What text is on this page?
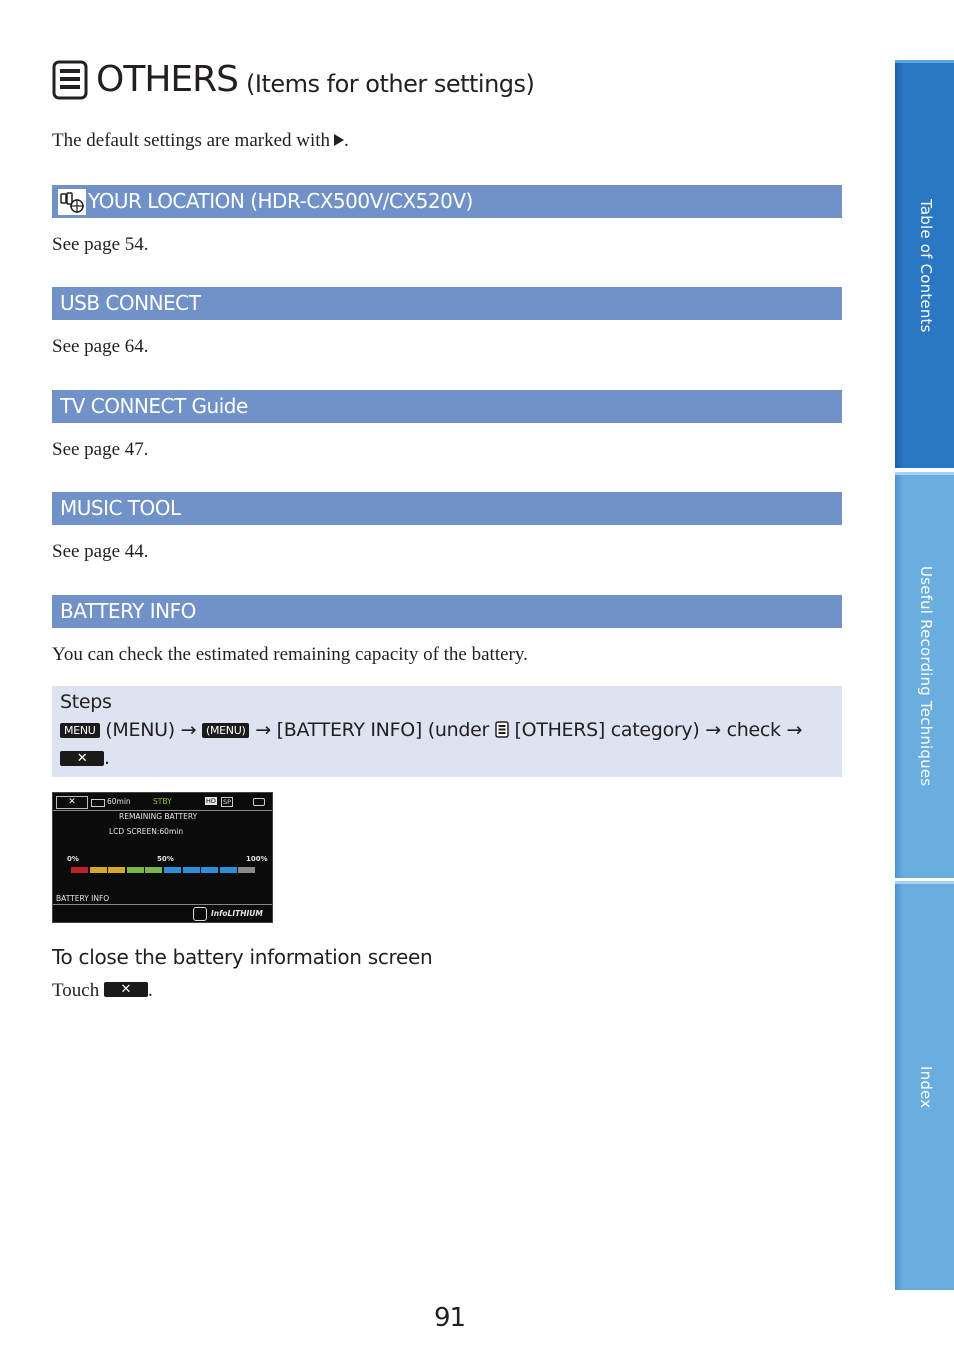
OTHERS (Items for other settings)
The default settings are marked with .
YOUR LOCATION (HDR-CX500V/CX520V)
See page 54.
USB CONNECT
See page 64.
TV CONNECT Guide
See page 47.
MUSIC TOOL
See page 44.
BATTERY INFO
You can check the estimated remaining capacity of the battery.
Steps
MENU (MENU) → (MENU) → [BATTERY INFO] (under [OTHERS] category) → check →
✕ .
✕	60min	STBY	HD	SP
REMAINING BATTERY
LCD SCREEN:60min
0%	50%	100%
BATTERY INFO
InfoLITHIUM
To close the battery information screen
Touch ✕ .
91
Table of Contents
Useful Recording Techniques
Index
